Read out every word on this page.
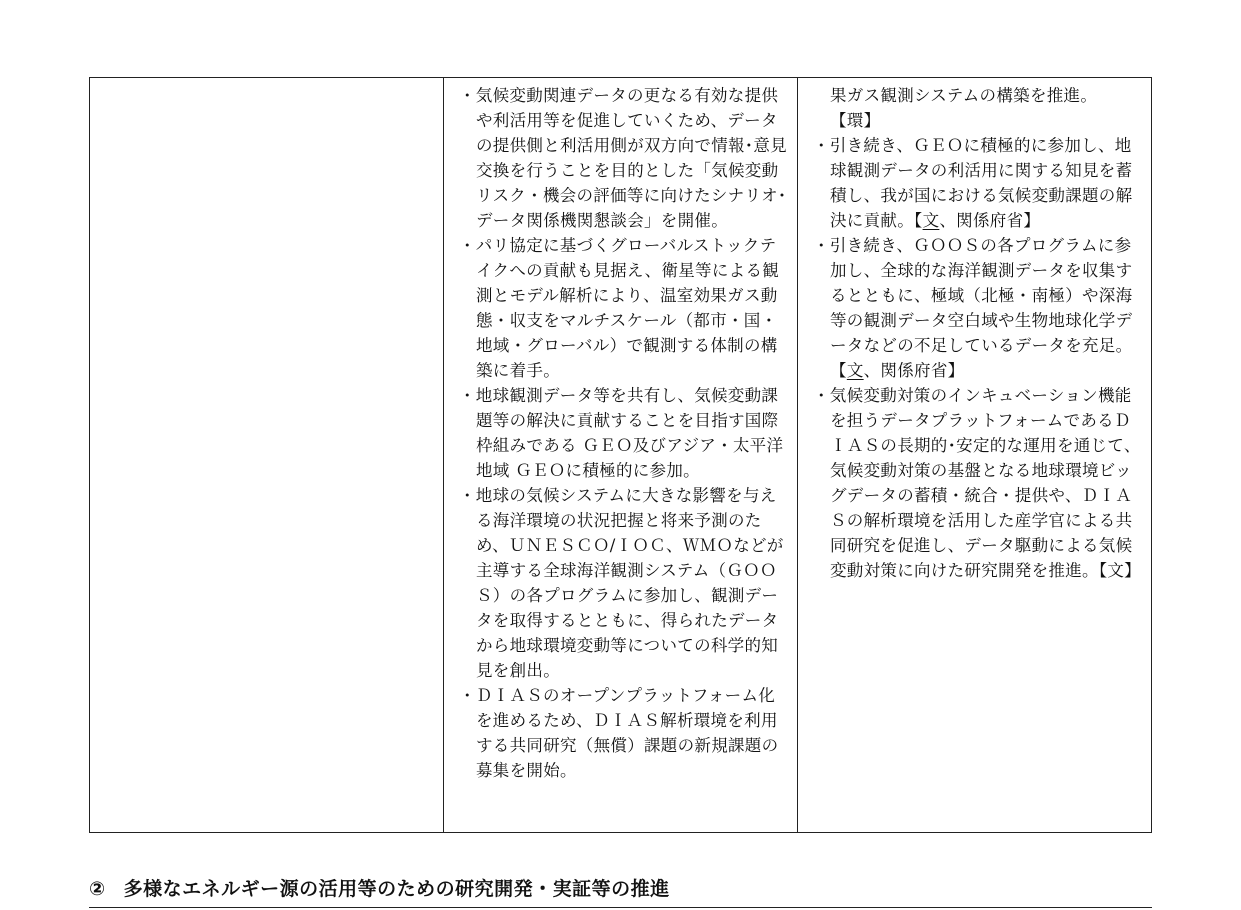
・気候変動関連データの更なる有効な提供や利活用等を促進していくため、データの提供側と利活用側が双方向で情報･意見交換を行うことを目的とした「気候変動リスク・機会の評価等に向けたシナリオ･データ関係機関懇談会」を開催。
・パリ協定に基づくグローバルストックテイクへの貢献も見据え、衛星等による観測とモデル解析により、温室効果ガス動態・収支をマルチスケール（都市・国・地域・グローバル）で観測する体制の構築に着手。
・地球観測データ等を共有し、気候変動課題等の解決に貢献することを目指す国際枠組みである ＧＥＯ及びアジア・太平洋地域 ＧＥＯに積極的に参加。
・地球の気候システムに大きな影響を与える海洋環境の状況把握と将来予測のため、ＵＮＥＳＣＯ/ＩＯＣ、ＷＭＯなどが主導する全球海洋観測システム（ＧＯＯＳ）の各プログラムに参加し、観測データを取得するとともに、得られたデータから地球環境変動等についての科学的知見を創出。
・ＤＩＡＳのオープンプラットフォーム化を進めるため、ＤＩＡＳ解析環境を利用する共同研究（無償）課題の新規課題の募集を開始。
果ガス観測システムの構築を推進。
【環】
・引き続き、ＧＥＯに積極的に参加し、地球観測データの利活用に関する知見を蓄積し、我が国における気候変動課題の解決に貢献。【文、関係府省】
・引き続き、ＧＯＯＳの各プログラムに参加し、全球的な海洋観測データを収集するとともに、極域（北極・南極）や深海等の観測データ空白域や生物地球化学データなどの不足しているデータを充足。【文、関係府省】
・気候変動対策のインキュベーション機能を担うデータプラットフォームであるＤＩＡＳの長期的･安定的な運用を通じて、気候変動対策の基盤となる地球環境ビッグデータの蓄積・統合・提供や、ＤＩＡＳの解析環境を活用した産学官による共同研究を促進し、データ駆動による気候変動対策に向けた研究開発を推進。【文】
② 多様なエネルギー源の活用等のための研究開発・実証等の推進
